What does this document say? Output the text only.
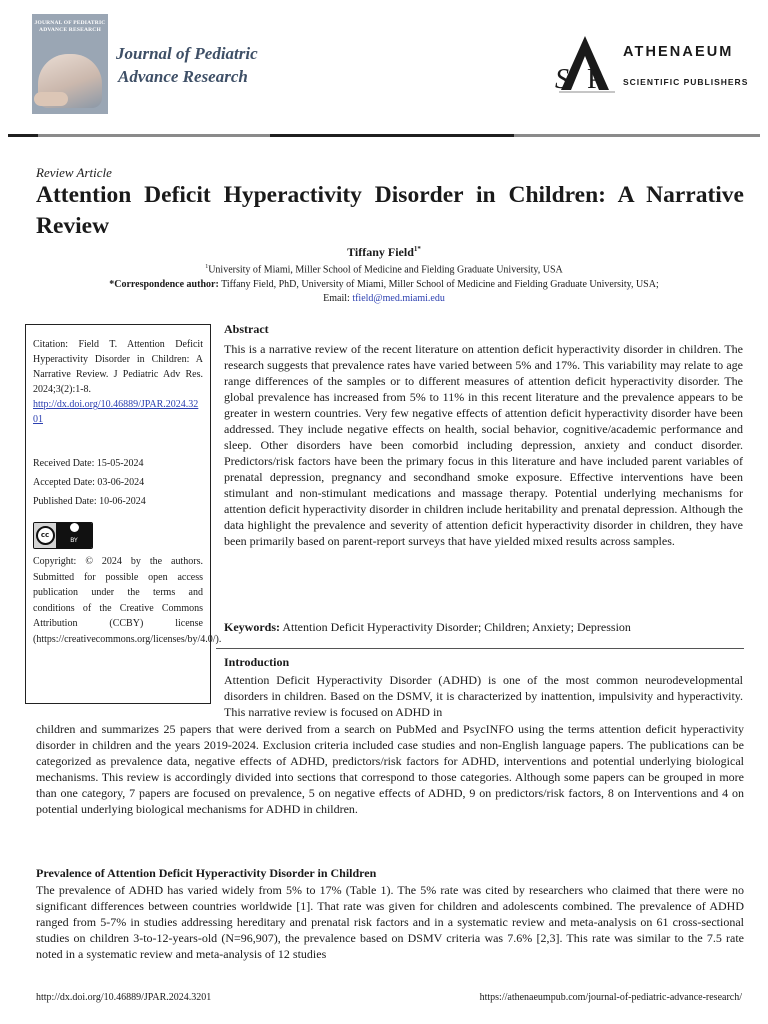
JOURNAL OF PEDIATRIC ADVANCE RESEARCH
Journal of Pediatric
Advance Research	S P
ATHENAEUM
SCIENTIFIC PUBLISHERS
Review Article
Attention Deficit Hyperactivity Disorder in Children: A Narrative Review
Tiffany Field$^{1*}$
$^1$University of Miami, Miller School of Medicine and Fielding Graduate University, USA
*Correspondence author: Tiffany Field, PhD, University of Miami, Miller School of Medicine and Fielding Graduate University, USA;
Email: tfield@med.miami.edu
Citation: Field T. Attention Deficit Hyperactivity Disorder in Children: A Narrative Review. J Pediatric Adv Res. 2024;3(2):1-8.
http://dx.doi.org/10.46889/JPAR.2024.3201
Received Date: 15-05-2024
Accepted Date: 03-06-2024
Published Date: 10-06-2024
cc
BY
Copyright: © 2024 by the authors. Submitted for possible open access publication under the terms and conditions of the Creative Commons Attribution (CCBY) license (https://creativecommons.org/licenses/by/4.0/).
Abstract
This is a narrative review of the recent literature on attention deficit hyperactivity disorder in children. The research suggests that prevalence rates have varied between 5% and 17%. This variability may relate to age range differences of the samples or to different measures of attention deficit hyperactivity disorder. The global prevalence has increased from 5% to 11% in this recent literature and the prevalence appears to be greater in western countries. Very few negative effects of attention deficit hyperactivity disorder have been addressed. They include negative effects on health, social behavior, cognitive/academic performance and sleep. Other disorders have been comorbid including depression, anxiety and conduct disorder. Predictors/risk factors have been the primary focus in this literature and have included parent variables of prenatal depression, pregnancy and secondhand smoke exposure. Effective interventions have been stimulant and non-stimulant medications and massage therapy. Potential underlying mechanisms for attention deficit hyperactivity disorder in children include heritability and prenatal depression. Although the data highlight the prevalence and severity of attention deficit hyperactivity disorder in children, they have been primarily based on parent-report surveys that have yielded mixed results across samples.
Keywords: Attention Deficit Hyperactivity Disorder; Children; Anxiety; Depression
Introduction
Attention Deficit Hyperactivity Disorder (ADHD) is one of the most common neurodevelopmental disorders in children. Based on the DSMV, it is characterized by inattention, impulsivity and hyperactivity. This narrative review is focused on ADHD in
children and summarizes 25 papers that were derived from a search on PubMed and PsycINFO using the terms attention deficit hyperactivity disorder in children and the years 2019-2024. Exclusion criteria included case studies and non-English language papers. The publications can be categorized as prevalence data, negative effects of ADHD, predictors/risk factors for ADHD, interventions and potential underlying biological mechanisms. This review is accordingly divided into sections that correspond to those categories. Although some papers can be grouped in more than one category, 7 papers are focused on prevalence, 5 on negative effects of ADHD, 9 on predictors/risk factors, 8 on Interventions and 4 on potential underlying biological mechanisms for ADHD in children.
Prevalence of Attention Deficit Hyperactivity Disorder in Children
The prevalence of ADHD has varied widely from 5% to 17% (Table 1). The 5% rate was cited by researchers who claimed that there were no significant differences between countries worldwide [1]. That rate was given for children and adolescents combined. The prevalence of ADHD ranged from 5-7% in studies addressing hereditary and prenatal risk factors and in a systematic review and meta-analysis on 61 cross-sectional studies on children 3-to-12-years-old (N=96,907), the prevalence based on DSMV criteria was 7.6% [2,3]. This rate was similar to the 7.5 rate noted in a systematic review and meta-analysis of 12 studies
http://dx.doi.org/10.46889/JPAR.2024.3201	https://athenaeumpub.com/journal-of-pediatric-advance-research/
